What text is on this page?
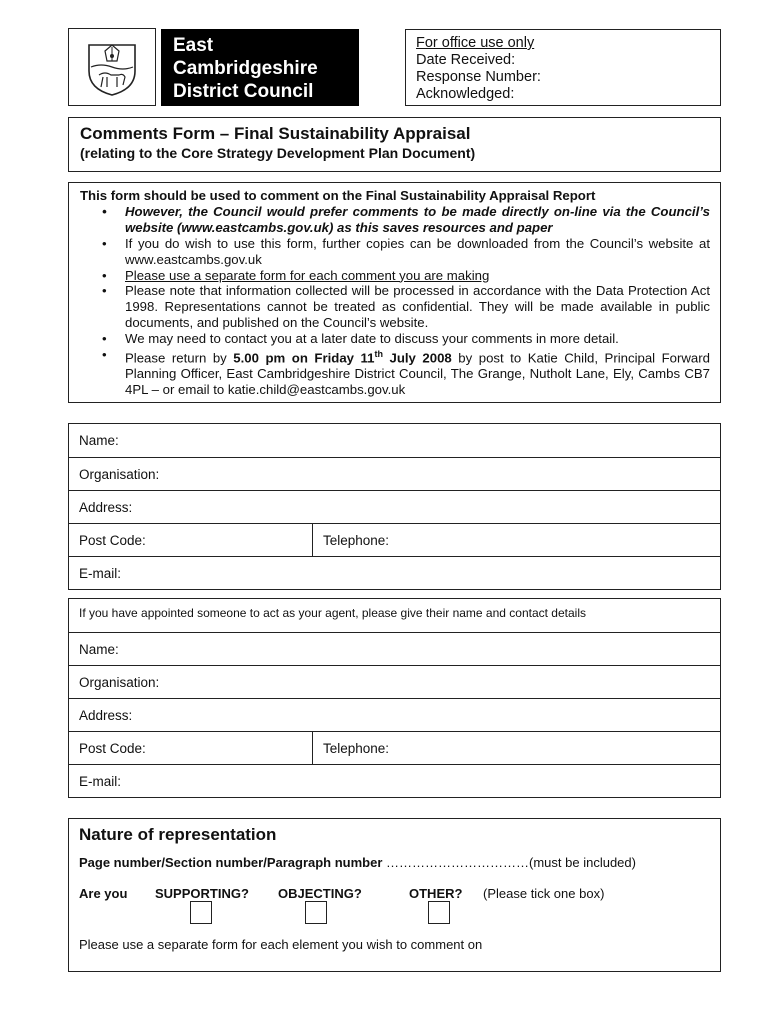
East
Cambridgeshire
District Council
For office use only
Date Received:
Response Number:
Acknowledged:
Comments Form – Final Sustainability Appraisal
(relating to the Core Strategy Development Plan Document)
This form should be used to comment on the Final Sustainability Appraisal Report
• However, the Council would prefer comments to be made directly on-line via the Council’s website (www.eastcambs.gov.uk) as this saves resources and paper
• If you do wish to use this form, further copies can be downloaded from the Council’s website at www.eastcambs.gov.uk
• Please use a separate form for each comment you are making
• Please note that information collected will be processed in accordance with the Data Protection Act 1998. Representations cannot be treated as confidential. They will be made available in public documents, and published on the Council’s website.
• We may need to contact you at a later date to discuss your comments in more detail.
• Please return by 5.00 pm on Friday 11th July 2008 by post to Katie Child, Principal Forward Planning Officer, East Cambridgeshire District Council, The Grange, Nutholt Lane, Ely, Cambs CB7 4PL – or email to katie.child@eastcambs.gov.uk
Name:
Organisation:
Address:
Post Code:	Telephone:
E-mail:
If you have appointed someone to act as your agent, please give their name and contact details
Name:
Organisation:
Address:
Post Code:	Telephone:
E-mail:
Nature of representation
Page number/Section number/Paragraph number ……………………………(must be included)
Are you SUPPORTING? OBJECTING?	OTHER? (Please tick one box)
Please use a separate form for each element you wish to comment on
